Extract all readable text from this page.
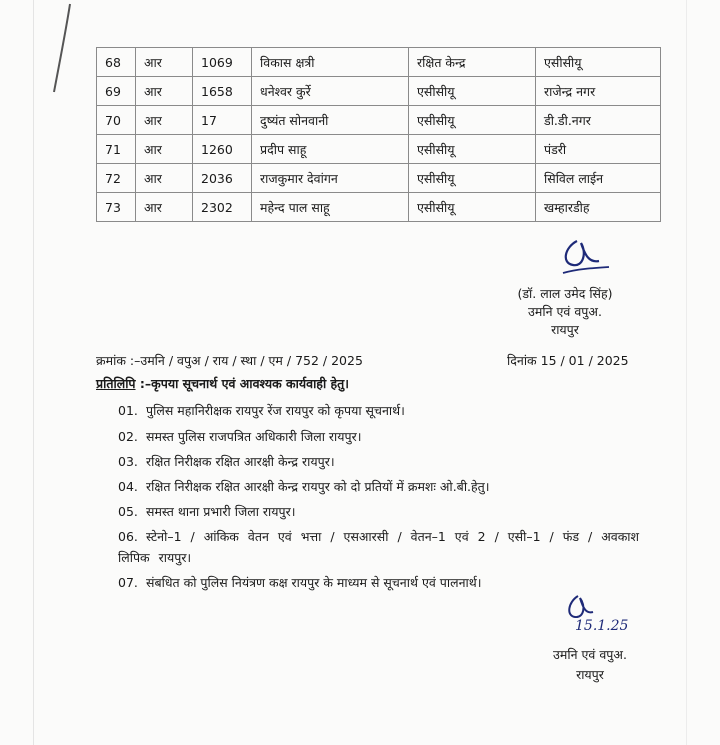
68	आर	1069	विकास क्षत्री	रक्षित केन्द्र	एसीसीयू
69	आर	1658	धनेश्वर कुर्रे	एसीसीयू	राजेन्द्र नगर
70	आर	17	दुष्यंत सोनवानी	एसीसीयू	डी.डी.नगर
71	आर	1260	प्रदीप साहू	एसीसीयू	पंडरी
72	आर	2036	राजकुमार देवांगन	एसीसीयू	सिविल लाईन
73	आर	2302	महेन्द पाल साहू	एसीसीयू	खम्हारडीह
(डॉ. लाल उमेद सिंह)
उमनि एवं वपुअ.
रायपुर
क्रमांक :–उमनि / वपुअ / राय / स्था / एम / 752 / 2025	दिनांक 15 / 01 / 2025
प्रतिलिपि :–कृपया सूचनार्थ एवं आवश्यक कार्यवाही हेतु।
01. पुलिस महानिरीक्षक रायपुर रेंज रायपुर को कृपया सूचनार्थ।
02. समस्त पुलिस राजपत्रित अधिकारी जिला रायपुर।
03. रक्षित निरीक्षक रक्षित आरक्षी केन्द्र रायपुर।
04. रक्षित निरीक्षक रक्षित आरक्षी केन्द्र रायपुर को दो प्रतियों में क्रमशः ओ.बी.हेतु।
05. समस्त थाना प्रभारी जिला रायपुर।
06. स्टेनो–1 / आंकिक वेतन एवं भत्ता / एसआरसी / वेतन–1 एवं 2 / एसी–1 / फंड / अवकाश लिपिक रायपुर।
07. संबधित को पुलिस नियंत्रण कक्ष रायपुर के माध्यम से सूचनार्थ एवं पालनार्थ।
15.1.25
उमनि एवं वपुअ.
रायपुर
